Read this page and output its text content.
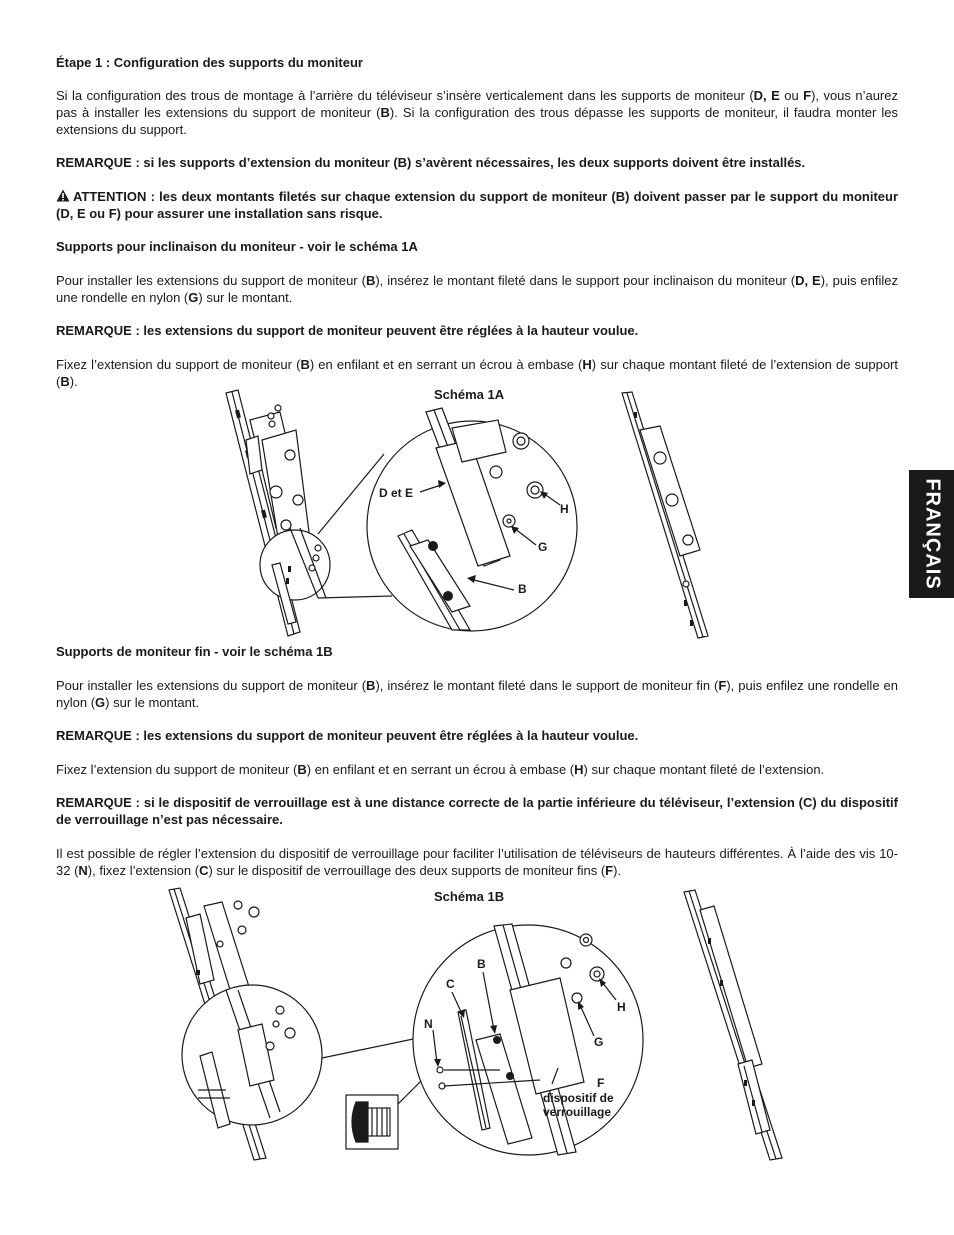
Étape 1 : Configuration des supports du moniteur

Si la configuration des trous de montage à l’arrière du téléviseur s’insère verticalement dans les supports de moniteur (D, E ou F), vous n’aurez pas à installer les extensions du support de moniteur (B). Si la configuration des trous dépasse les supports de moniteur, il faudra monter les extensions du support.

REMARQUE : si les supports d’extension du moniteur (B) s’avèrent nécessaires, les deux supports doivent être installés.

ATTENTION : les deux montants filetés sur chaque extension du support de moniteur (B) doivent passer par le support du moniteur (D, E ou F) pour assurer une installation sans risque.

Supports pour inclinaison du moniteur - voir le schéma 1A

Pour installer les extensions du support de moniteur (B), insérez le montant fileté dans le support pour inclinaison du moniteur (D, E), puis enfilez une rondelle en nylon (G) sur le montant.

REMARQUE : les extensions du support de moniteur peuvent être réglées à la hauteur voulue.

Fixez l’extension du support de moniteur (B) en enfilant et en serrant un écrou à embase (H) sur chaque montant fileté de l’extension de support (B).

Schéma 1A
D et E
H
G
B

Supports de moniteur fin - voir le schéma 1B

Pour installer les extensions du support de moniteur (B), insérez le montant fileté dans le support de moniteur fin (F), puis enfilez une rondelle en nylon (G) sur le montant.

REMARQUE : les extensions du support de moniteur peuvent être réglées à la hauteur voulue.

Fixez l’extension du support de moniteur (B) en enfilant et en serrant un écrou à embase (H) sur chaque montant fileté de l’extension.

REMARQUE : si le dispositif de verrouillage est à une distance correcte de la partie inférieure du téléviseur, l’extension (C) du dispositif de verrouillage n’est pas nécessaire.

Il est possible de régler l’extension du dispositif de verrouillage pour faciliter l’utilisation de téléviseurs de hauteurs différentes. À l’aide des vis 10-32 (N), fixez l’extension (C) sur le dispositif de verrouillage des deux supports de moniteur fins (F).

Schéma 1B
B
C
N
H
G
F
dispositif de
verrouillage
FRANÇAIS
